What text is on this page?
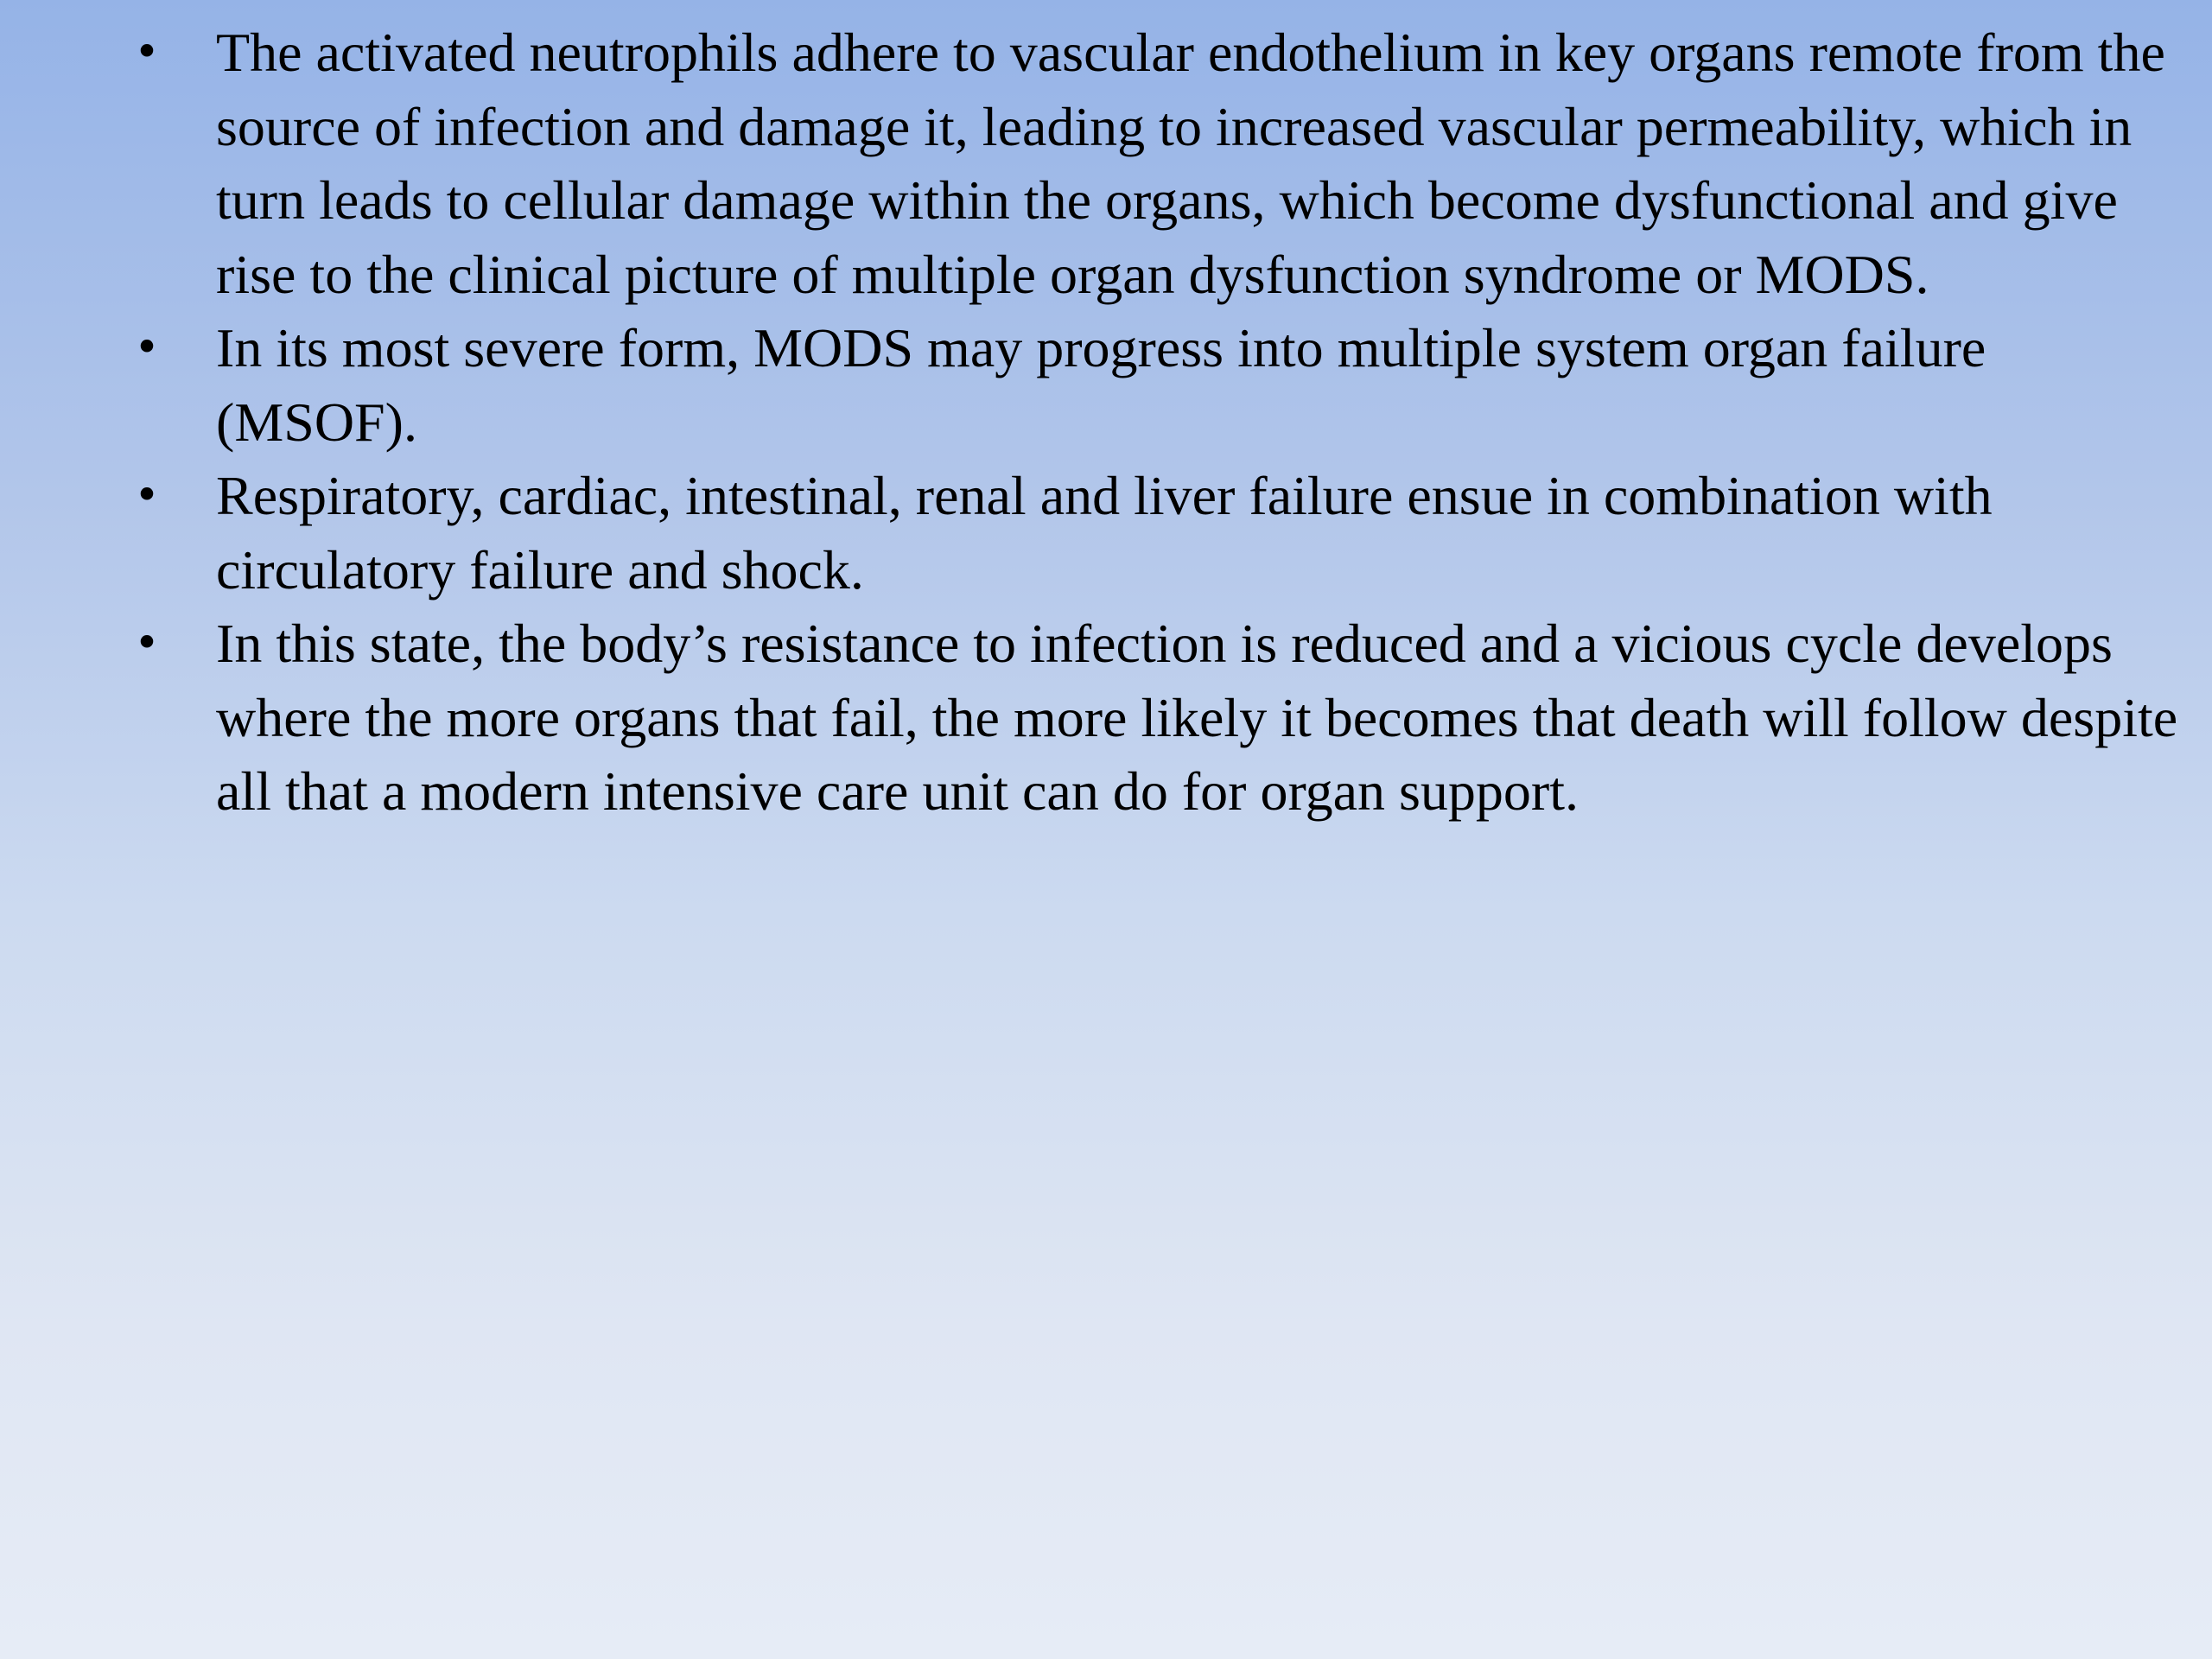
• The activated neutrophils adhere to vascular endothelium in key organs remote from the source of infection and damage it, leading to increased vascular permeability, which in turn leads to cellular damage within the organs, which become dysfunctional and give rise to the clinical picture of multiple organ dysfunction syndrome or MODS.
• In its most severe form, MODS may progress into multiple system organ failure (MSOF).
• Respiratory, cardiac, intestinal, renal and liver failure ensue in combination with circulatory failure and shock.
• In this state, the body’s resistance to infection is reduced and a vicious cycle develops where the more organs that fail, the more likely it becomes that death will follow despite all that a modern intensive care unit can do for organ support.
